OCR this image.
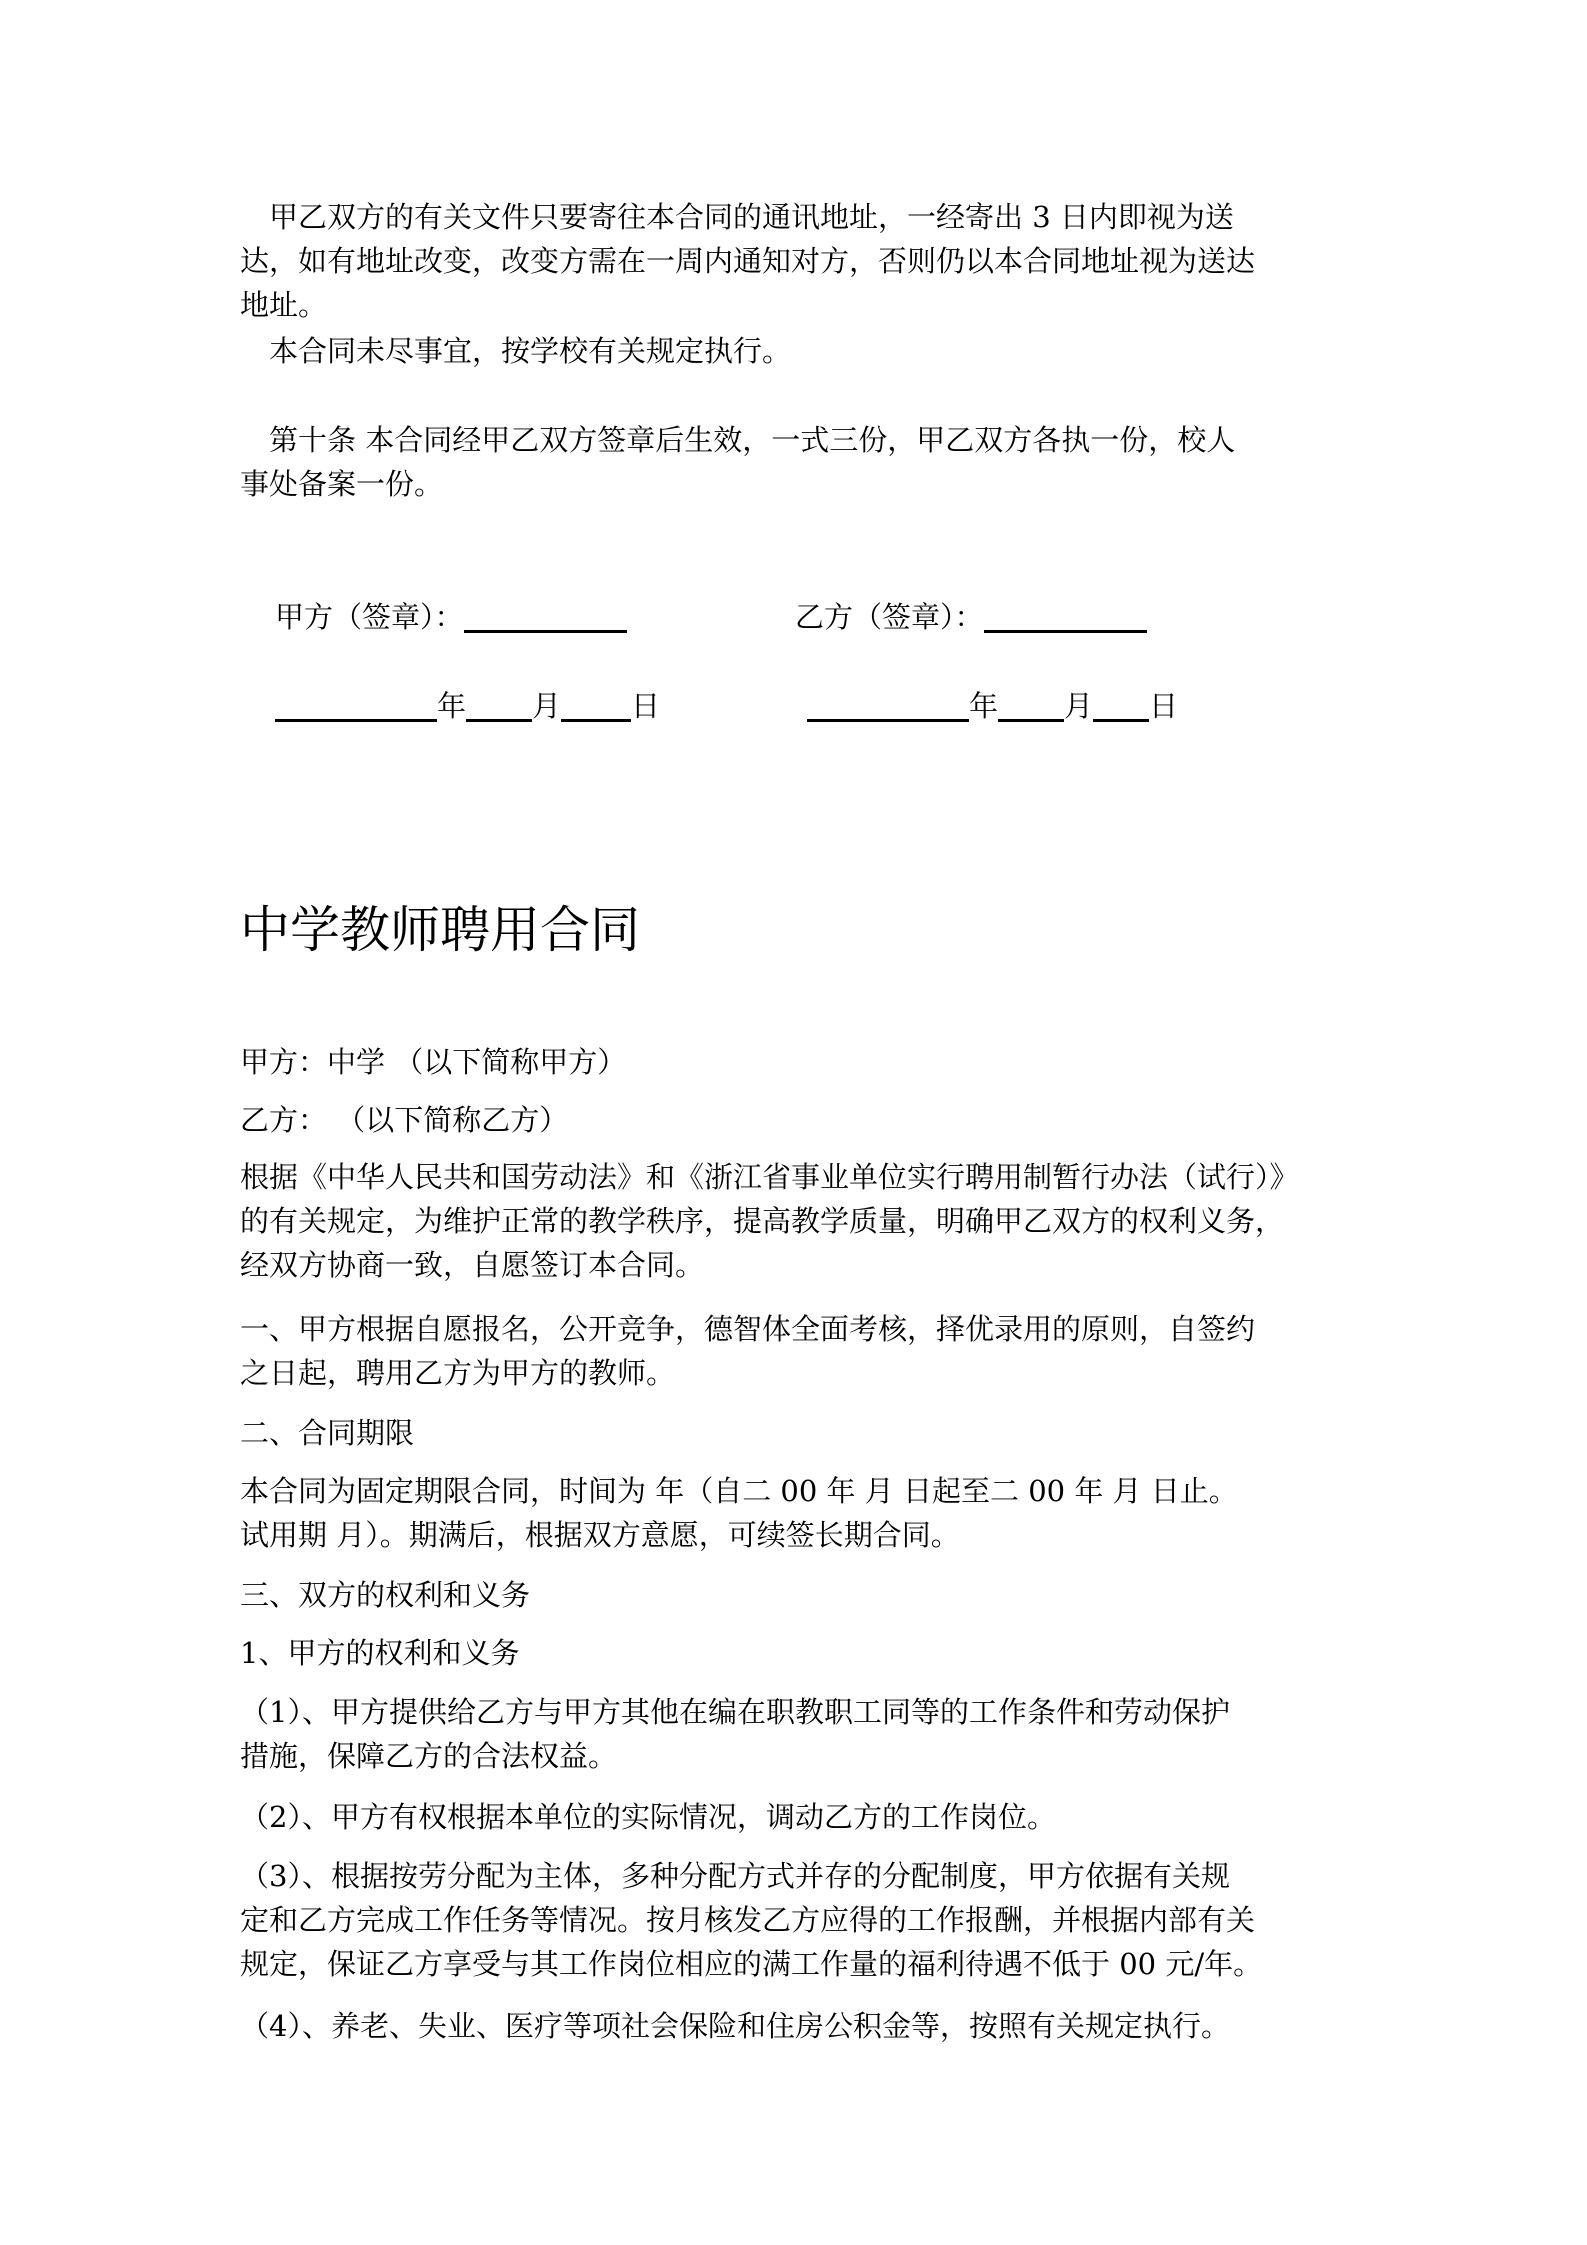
　甲乙双方的有关文件只要寄往本合同的通讯地址，一经寄出 3 日内即视为送
达，如有地址改变，改变方需在一周内通知对方，否则仍以本合同地址视为送达
地址。

　本合同未尽事宜，按学校有关规定执行。

　第十条 本合同经甲乙双方签章后生效，一式三份，甲乙双方各执一份，校人
事处备案一份。
甲方（签章）：	乙方（签章）：
年 月 日	年 月 日
中学教师聘用合同

甲方：中学 （以下简称甲方）

乙方： （以下简称乙方）

根据《中华人民共和国劳动法》和《浙江省事业单位实行聘用制暂行办法（试行）》
的有关规定，为维护正常的教学秩序，提高教学质量，明确甲乙双方的权利义务，
经双方协商一致，自愿签订本合同。
一、甲方根据自愿报名，公开竞争，德智体全面考核，择优录用的原则，自签约
之日起，聘用乙方为甲方的教师。

二、合同期限

本合同为固定期限合同，时间为 年（自二 00 年 月 日起至二 00 年 月 日止。
试用期 月）。期满后，根据双方意愿，可续签长期合同。

三、双方的权利和义务

1、甲方的权利和义务

（1）、甲方提供给乙方与甲方其他在编在职教职工同等的工作条件和劳动保护
措施，保障乙方的合法权益。

（2）、甲方有权根据本单位的实际情况，调动乙方的工作岗位。

（3）、根据按劳分配为主体，多种分配方式并存的分配制度，甲方依据有关规
定和乙方完成工作任务等情况。按月核发乙方应得的工作报酬，并根据内部有关
规定，保证乙方享受与其工作岗位相应的满工作量的福利待遇不低于 00 元/年。

（4）、养老、失业、医疗等项社会保险和住房公积金等，按照有关规定执行。
